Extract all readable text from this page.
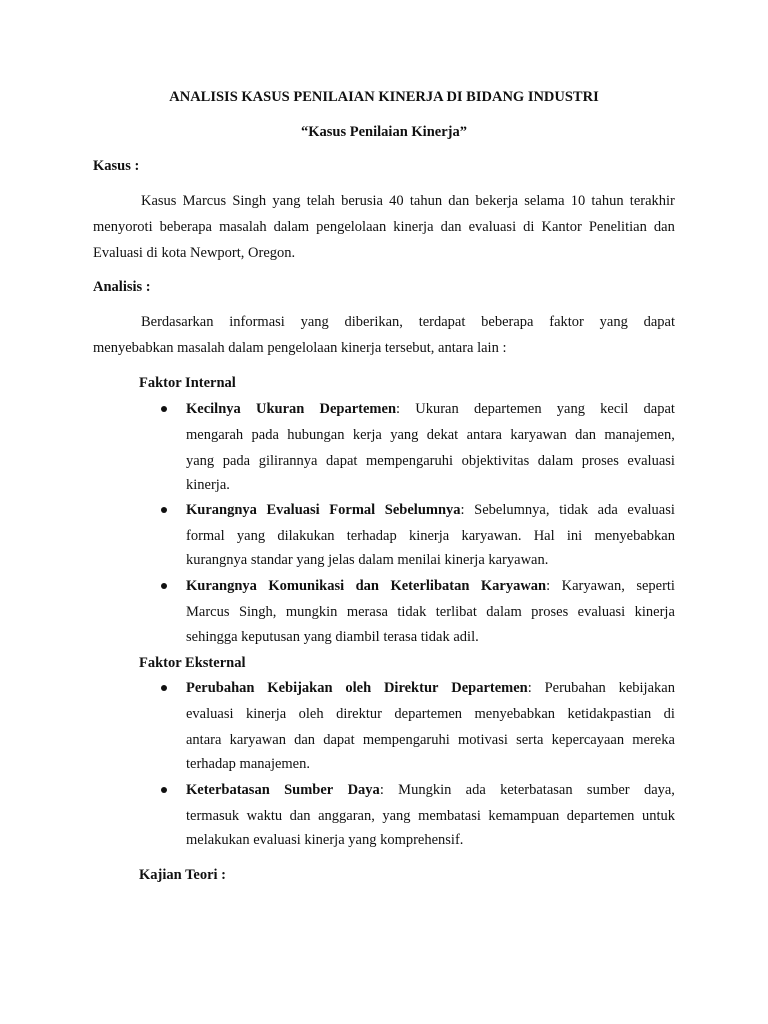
ANALISIS KASUS PENILAIAN KINERJA DI BIDANG INDUSTRI
“Kasus Penilaian Kinerja”
Kasus :
Kasus Marcus Singh yang telah berusia 40 tahun dan bekerja selama 10 tahun terakhir
menyoroti beberapa masalah dalam pengelolaan kinerja dan evaluasi di Kantor Penelitian dan
Evaluasi di kota Newport, Oregon.
Analisis :
Berdasarkan informasi yang diberikan, terdapat beberapa faktor yang dapat
menyebabkan masalah dalam pengelolaan kinerja tersebut, antara lain :
Faktor Internal
Kecilnya Ukuran Departemen: Ukuran departemen yang kecil dapat
mengarah pada hubungan kerja yang dekat antara karyawan dan manajemen,
yang pada gilirannya dapat mempengaruhi objektivitas dalam proses evaluasi
kinerja.
Kurangnya Evaluasi Formal Sebelumnya: Sebelumnya, tidak ada evaluasi
formal yang dilakukan terhadap kinerja karyawan. Hal ini menyebabkan
kurangnya standar yang jelas dalam menilai kinerja karyawan.
Kurangnya Komunikasi dan Keterlibatan Karyawan: Karyawan, seperti
Marcus Singh, mungkin merasa tidak terlibat dalam proses evaluasi kinerja
sehingga keputusan yang diambil terasa tidak adil.
Faktor Eksternal
Perubahan Kebijakan oleh Direktur Departemen: Perubahan kebijakan
evaluasi kinerja oleh direktur departemen menyebabkan ketidakpastian di
antara karyawan dan dapat mempengaruhi motivasi serta kepercayaan mereka
terhadap manajemen.
Keterbatasan Sumber Daya: Mungkin ada keterbatasan sumber daya,
termasuk waktu dan anggaran, yang membatasi kemampuan departemen untuk
melakukan evaluasi kinerja yang komprehensif.
Kajian Teori :
